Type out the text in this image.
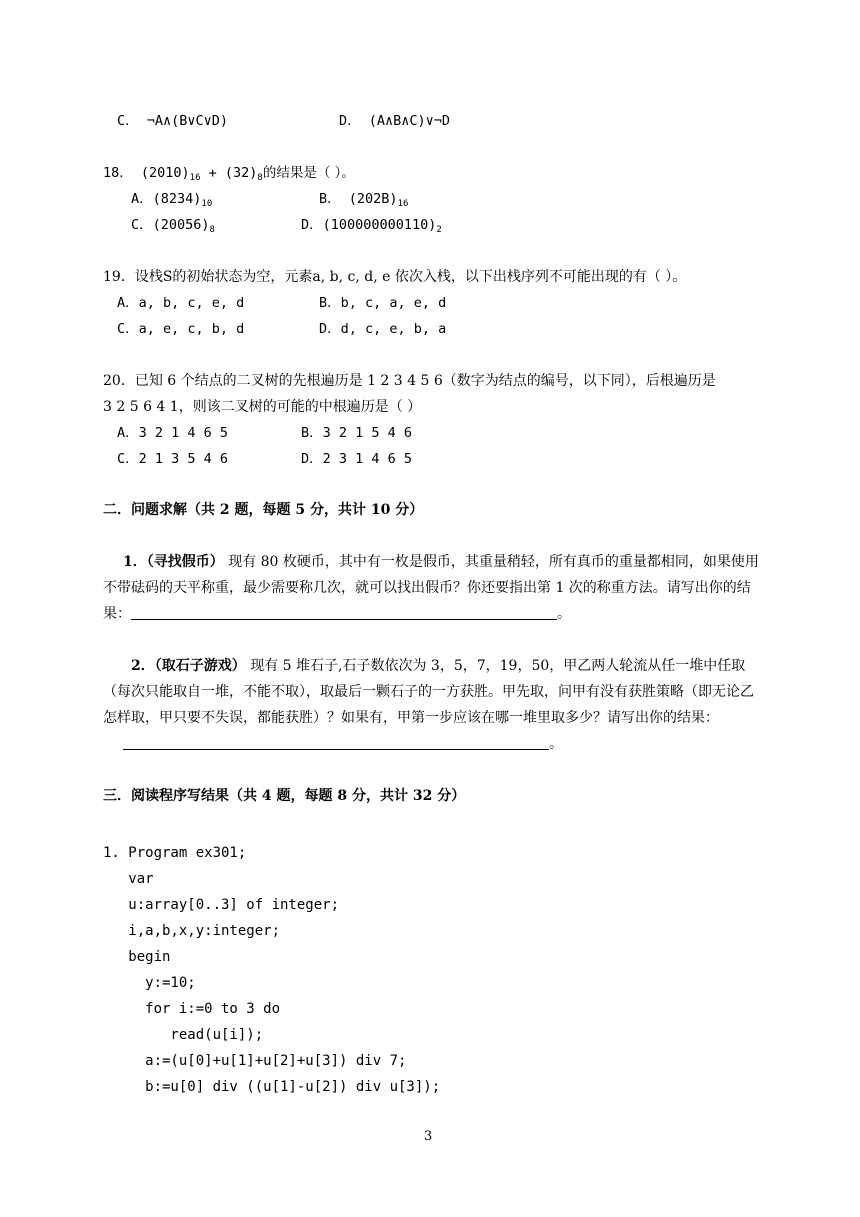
C． ¬A∧(B∨C∨D)	D． (A∧B∧C)∨¬D
18． $(2010)_{16} + (32)_8$的结果是（ ）。
A．$(8234)_{10}$	B． $(202B)_{16}$
C．$(20056)_8$	D．$(100000000110)_2$
19．设栈S的初始状态为空，元素a, b, c, d, e 依次入栈，以下出栈序列不可能出现的有（ ）。
A．a, b, c, e, d	B．b, c, a, e, d
C．a, e, c, b, d	D．d, c, e, b, a
20．已知 6 个结点的二叉树的先根遍历是 1 2 3 4 5 6（数字为结点的编号，以下同），后根遍历是
3 2 5 6 4 1，则该二叉树的可能的中根遍历是（ ）
A．3 2 1 4 6 5	B．3 2 1 5 4 6
C．2 1 3 5 4 6	D．2 3 1 4 6 5
二．问题求解（共 2 题，每题 5 分，共计 10 分）
1．（寻找假币） 现有 80 枚硬币，其中有一枚是假币，其重量稍轻，所有真币的重量都相同，如果使用不带砝码的天平称重，最少需要称几次，就可以找出假币？你还要指出第 1 次的称重方法。请写出你的结果：	。
2．（取石子游戏） 现有 5 堆石子,石子数依次为 3，5，7，19，50，甲乙两人轮流从任一堆中任取（每次只能取自一堆，不能不取），取最后一颗石子的一方获胜。甲先取，问甲有没有获胜策略（即无论乙怎样取，甲只要不失误，都能获胜）？如果有，甲第一步应该在哪一堆里取多少？请写出你的结果：
。
三．阅读程序写结果（共 4 题，每题 8 分，共计 32 分）
1. Program ex301;
var
u:array[0..3] of integer;
i,a,b,x,y:integer;
begin
y:=10;
for i:=0 to 3 do
read(u[i]);
a:=(u[0]+u[1]+u[2]+u[3]) div 7;
b:=u[0] div ((u[1]-u[2]) div u[3]);
3
